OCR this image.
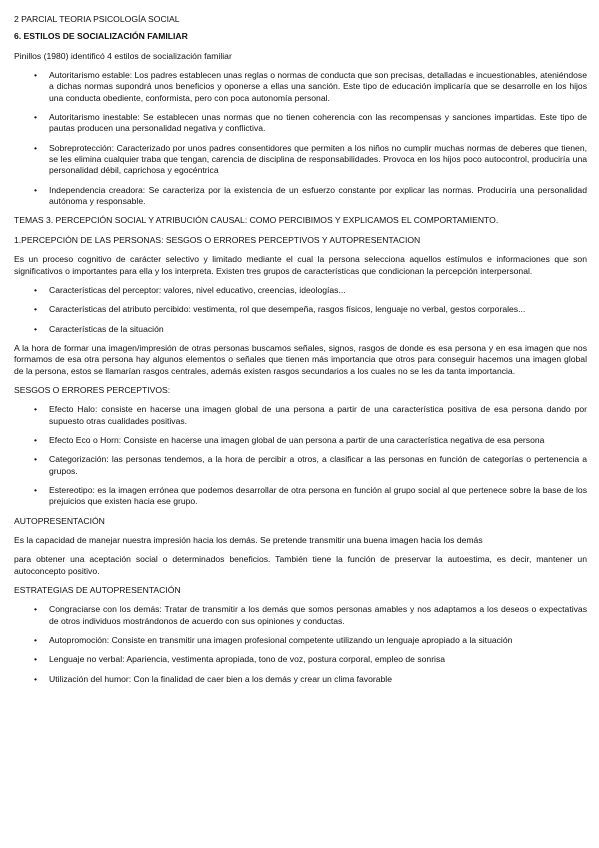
2 PARCIAL TEORIA PSICOLOGÍA SOCIAL

6. ESTILOS DE SOCIALIZACIÓN FAMILIAR

Pinillos (1980) identificó 4 estilos de socialización familiar

• Autoritarismo estable: Los padres establecen unas reglas o normas de conducta que son precisas, detalladas e incuestionables, ateniéndose a dichas normas supondrá unos beneficios y oponerse a ellas una sanción. Este tipo de educación implicaría que se desarrolle en los hijos una conducta obediente, conformista, pero con poca autonomía personal.
• Autoritarismo inestable: Se establecen unas normas que no tienen coherencia con las recompensas y sanciones impartidas. Este tipo de pautas producen una personalidad negativa y conflictiva.
• Sobreprotección: Caracterizado por unos padres consentidores que permiten a los niños no cumplir muchas normas de deberes que tienen, se les elimina cualquier traba que tengan, carencia de disciplina de responsabilidades. Provoca en los hijos poco autocontrol, produciría una personalidad débil, caprichosa y egocéntrica
• Independencia creadora: Se caracteriza por la existencia de un esfuerzo constante por explicar las normas. Produciría una personalidad autónoma y responsable.

TEMAS 3. PERCEPCIÓN SOCIAL Y ATRIBUCIÓN CAUSAL: COMO PERCIBIMOS Y EXPLICAMOS EL COMPORTAMIENTO.

1.PERCEPCIÓN DE LAS PERSONAS: SESGOS O ERRORES PERCEPTIVOS Y AUTOPRESENTACION

Es un proceso cognitivo de carácter selectivo y limitado mediante el cual la persona selecciona aquellos estímulos e informaciones que son significativos o importantes para ella y los interpreta. Existen tres grupos de características que condicionan la percepción interpersonal.

• Características del perceptor: valores, nivel educativo, creencias, ideologías...
• Características del atributo percibido: vestimenta, rol que desempeña, rasgos físicos, lenguaje no verbal, gestos corporales...
• Características de la situación

A la hora de formar una imagen/impresión de otras personas buscamos señales, signos, rasgos de donde es esa persona y en esa imagen que nos formamos de esa otra persona hay algunos elementos o señales que tienen más importancia que otros para conseguir hacemos una imagen global de la persona, estos se llamarían rasgos centrales, además existen rasgos secundarios a los cuales no se les da tanta importancia.

SESGOS O ERRORES PERCEPTIVOS:

• Efecto Halo: consiste en hacerse una imagen global de una persona a partir de una característica positiva de esa persona dando por supuesto otras cualidades positivas.
• Efecto Eco o Horn: Consiste en hacerse una imagen global de uan persona a partir de una característica negativa de esa persona
• Categorización: las personas tendemos, a la hora de percibir a otros, a clasificar a las personas en función de categorías o pertenencia a grupos.
• Estereotipo: es la imagen errónea que podemos desarrollar de otra persona en función al grupo social al que pertenece sobre la base de los prejuicios que existen hacia ese grupo.

AUTOPRESENTACIÓN

Es la capacidad de manejar nuestra impresión hacia los demás. Se pretende transmitir una buena imagen hacia los demás

para obtener una aceptación social o determinados beneficios. También tiene la función de preservar la autoestima, es decir, mantener un autoconcepto positivo.

ESTRATEGIAS DE AUTOPRESENTACIÓN

• Congraciarse con los demás: Tratar de transmitir a los demás que somos personas amables y nos adaptamos a los deseos o expectativas de otros individuos mostrándonos de acuerdo con sus opiniones y conductas.
• Autopromoción: Consiste en transmitir una imagen profesional competente utilizando un lenguaje apropiado a la situación
• Lenguaje no verbal: Apariencia, vestimenta apropiada, tono de voz, postura corporal, empleo de sonrisa
• Utilización del humor: Con la finalidad de caer bien a los demás y crear un clima favorable
